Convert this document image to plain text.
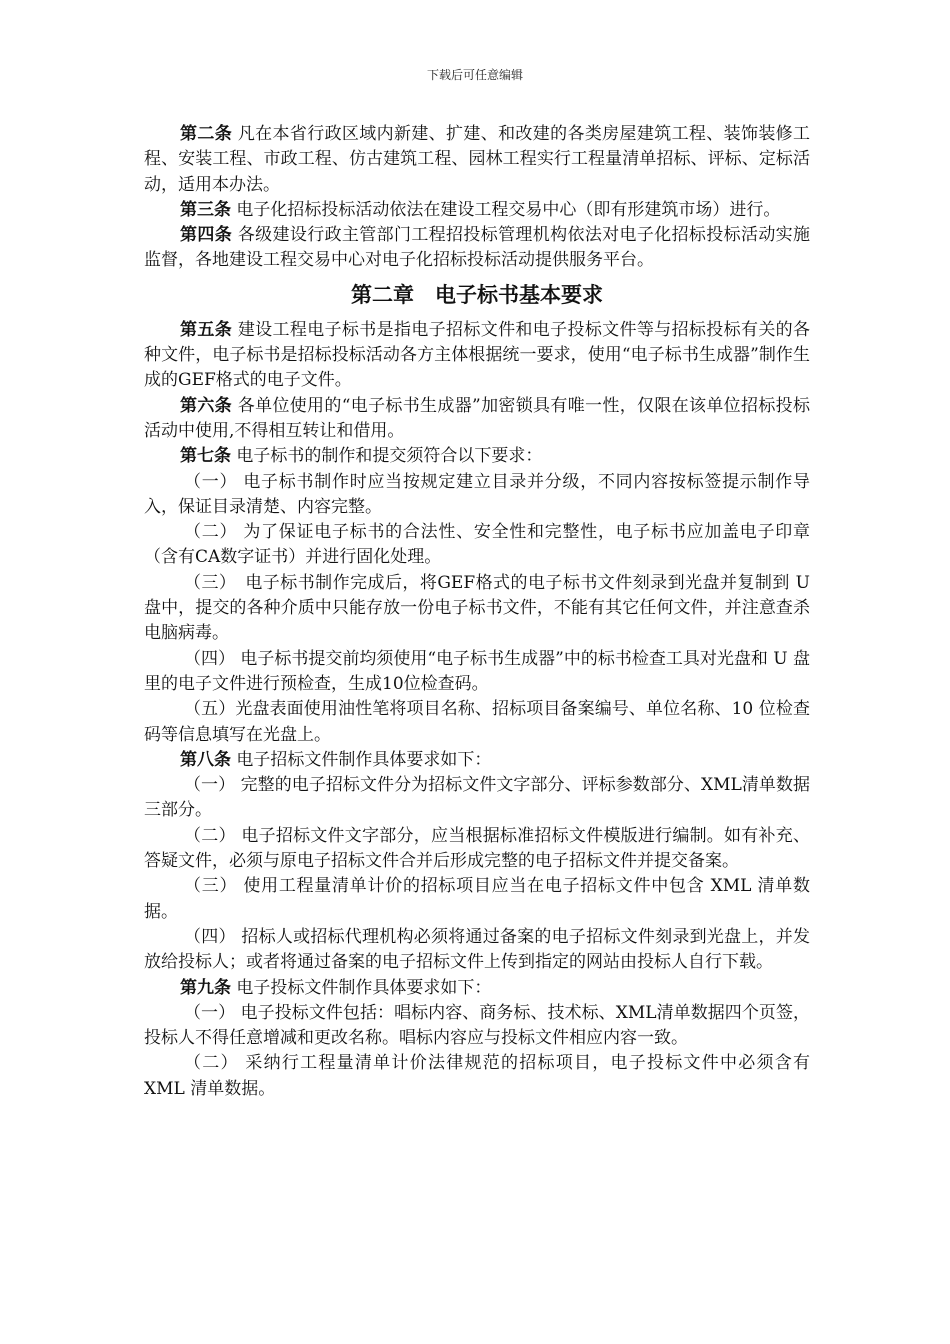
下载后可任意编辑

第二条 凡在本省行政区域内新建、扩建、和改建的各类房屋建筑工程、装饰装修工程、安装工程、市政工程、仿古建筑工程、园林工程实行工程量清单招标、评标、定标活动，适用本办法。

第三条 电子化招标投标活动依法在建设工程交易中心（即有形建筑市场）进行。

第四条 各级建设行政主管部门工程招投标管理机构依法对电子化招标投标活动实施监督，各地建设工程交易中心对电子化招标投标活动提供服务平台。

第二章　电子标书基本要求

第五条 建设工程电子标书是指电子招标文件和电子投标文件等与招标投标有关的各种文件，电子标书是招标投标活动各方主体根据统一要求，使用“电子标书生成器”制作生成的GEF格式的电子文件。

第六条 各单位使用的“电子标书生成器”加密锁具有唯一性，仅限在该单位招标投标活动中使用,不得相互转让和借用。

第七条 电子标书的制作和提交须符合以下要求：

（一） 电子标书制作时应当按规定建立目录并分级，不同内容按标签提示制作导入，保证目录清楚、内容完整。

（二） 为了保证电子标书的合法性、安全性和完整性，电子标书应加盖电子印章（含有CA数字证书）并进行固化处理。

（三）　电子标书制作完成后，将GEF格式的电子标书文件刻录到光盘并复制到 U 盘中，提交的各种介质中只能存放一份电子标书文件，不能有其它任何文件，并注意查杀电脑病毒。

（四） 电子标书提交前均须使用“电子标书生成器”中的标书检查工具对光盘和 U 盘里的电子文件进行预检查，生成10位检查码。

（五）光盘表面使用油性笔将项目名称、招标项目备案编号、单位名称、10 位检查码等信息填写在光盘上。

第八条 电子招标文件制作具体要求如下：

（一） 完整的电子招标文件分为招标文件文字部分、评标参数部分、XML清单数据三部分。

（二） 电子招标文件文字部分，应当根据标准招标文件模版进行编制。如有补充、答疑文件，必须与原电子招标文件合并后形成完整的电子招标文件并提交备案。

（三） 使用工程量清单计价的招标项目应当在电子招标文件中包含 XML 清单数据。

（四） 招标人或招标代理机构必须将通过备案的电子招标文件刻录到光盘上，并发放给投标人；或者将通过备案的电子招标文件上传到指定的网站由投标人自行下载。

第九条 电子投标文件制作具体要求如下：

（一） 电子投标文件包括：唱标内容、商务标、技术标、XML清单数据四个页签，投标人不得任意增减和更改名称。唱标内容应与投标文件相应内容一致。

（二） 采纳行工程量清单计价法律规范的招标项目，电子投标文件中必须含有 XML 清单数据。
